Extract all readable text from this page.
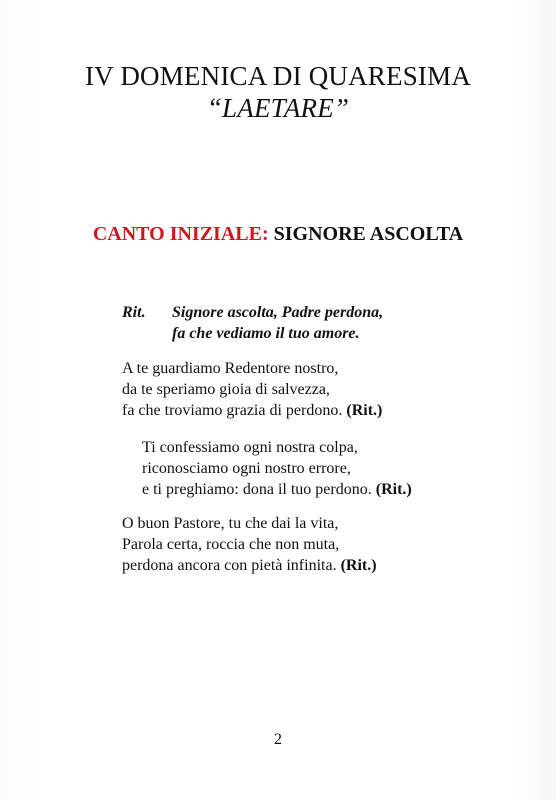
IV DOMENICA DI QUARESIMA
“LAETARE”
CANTO INIZIALE: SIGNORE ASCOLTA
Rit. Signore ascolta, Padre perdona,
fa che vediamo il tuo amore.
A te guardiamo Redentore nostro,
da te speriamo gioia di salvezza,
fa che troviamo grazia di perdono. (Rit.)
Ti confessiamo ogni nostra colpa,
riconosciamo ogni nostro errore,
e ti preghiamo: dona il tuo perdono. (Rit.)
O buon Pastore, tu che dai la vita,
Parola certa, roccia che non muta,
perdona ancora con pietà infinita. (Rit.)
2
